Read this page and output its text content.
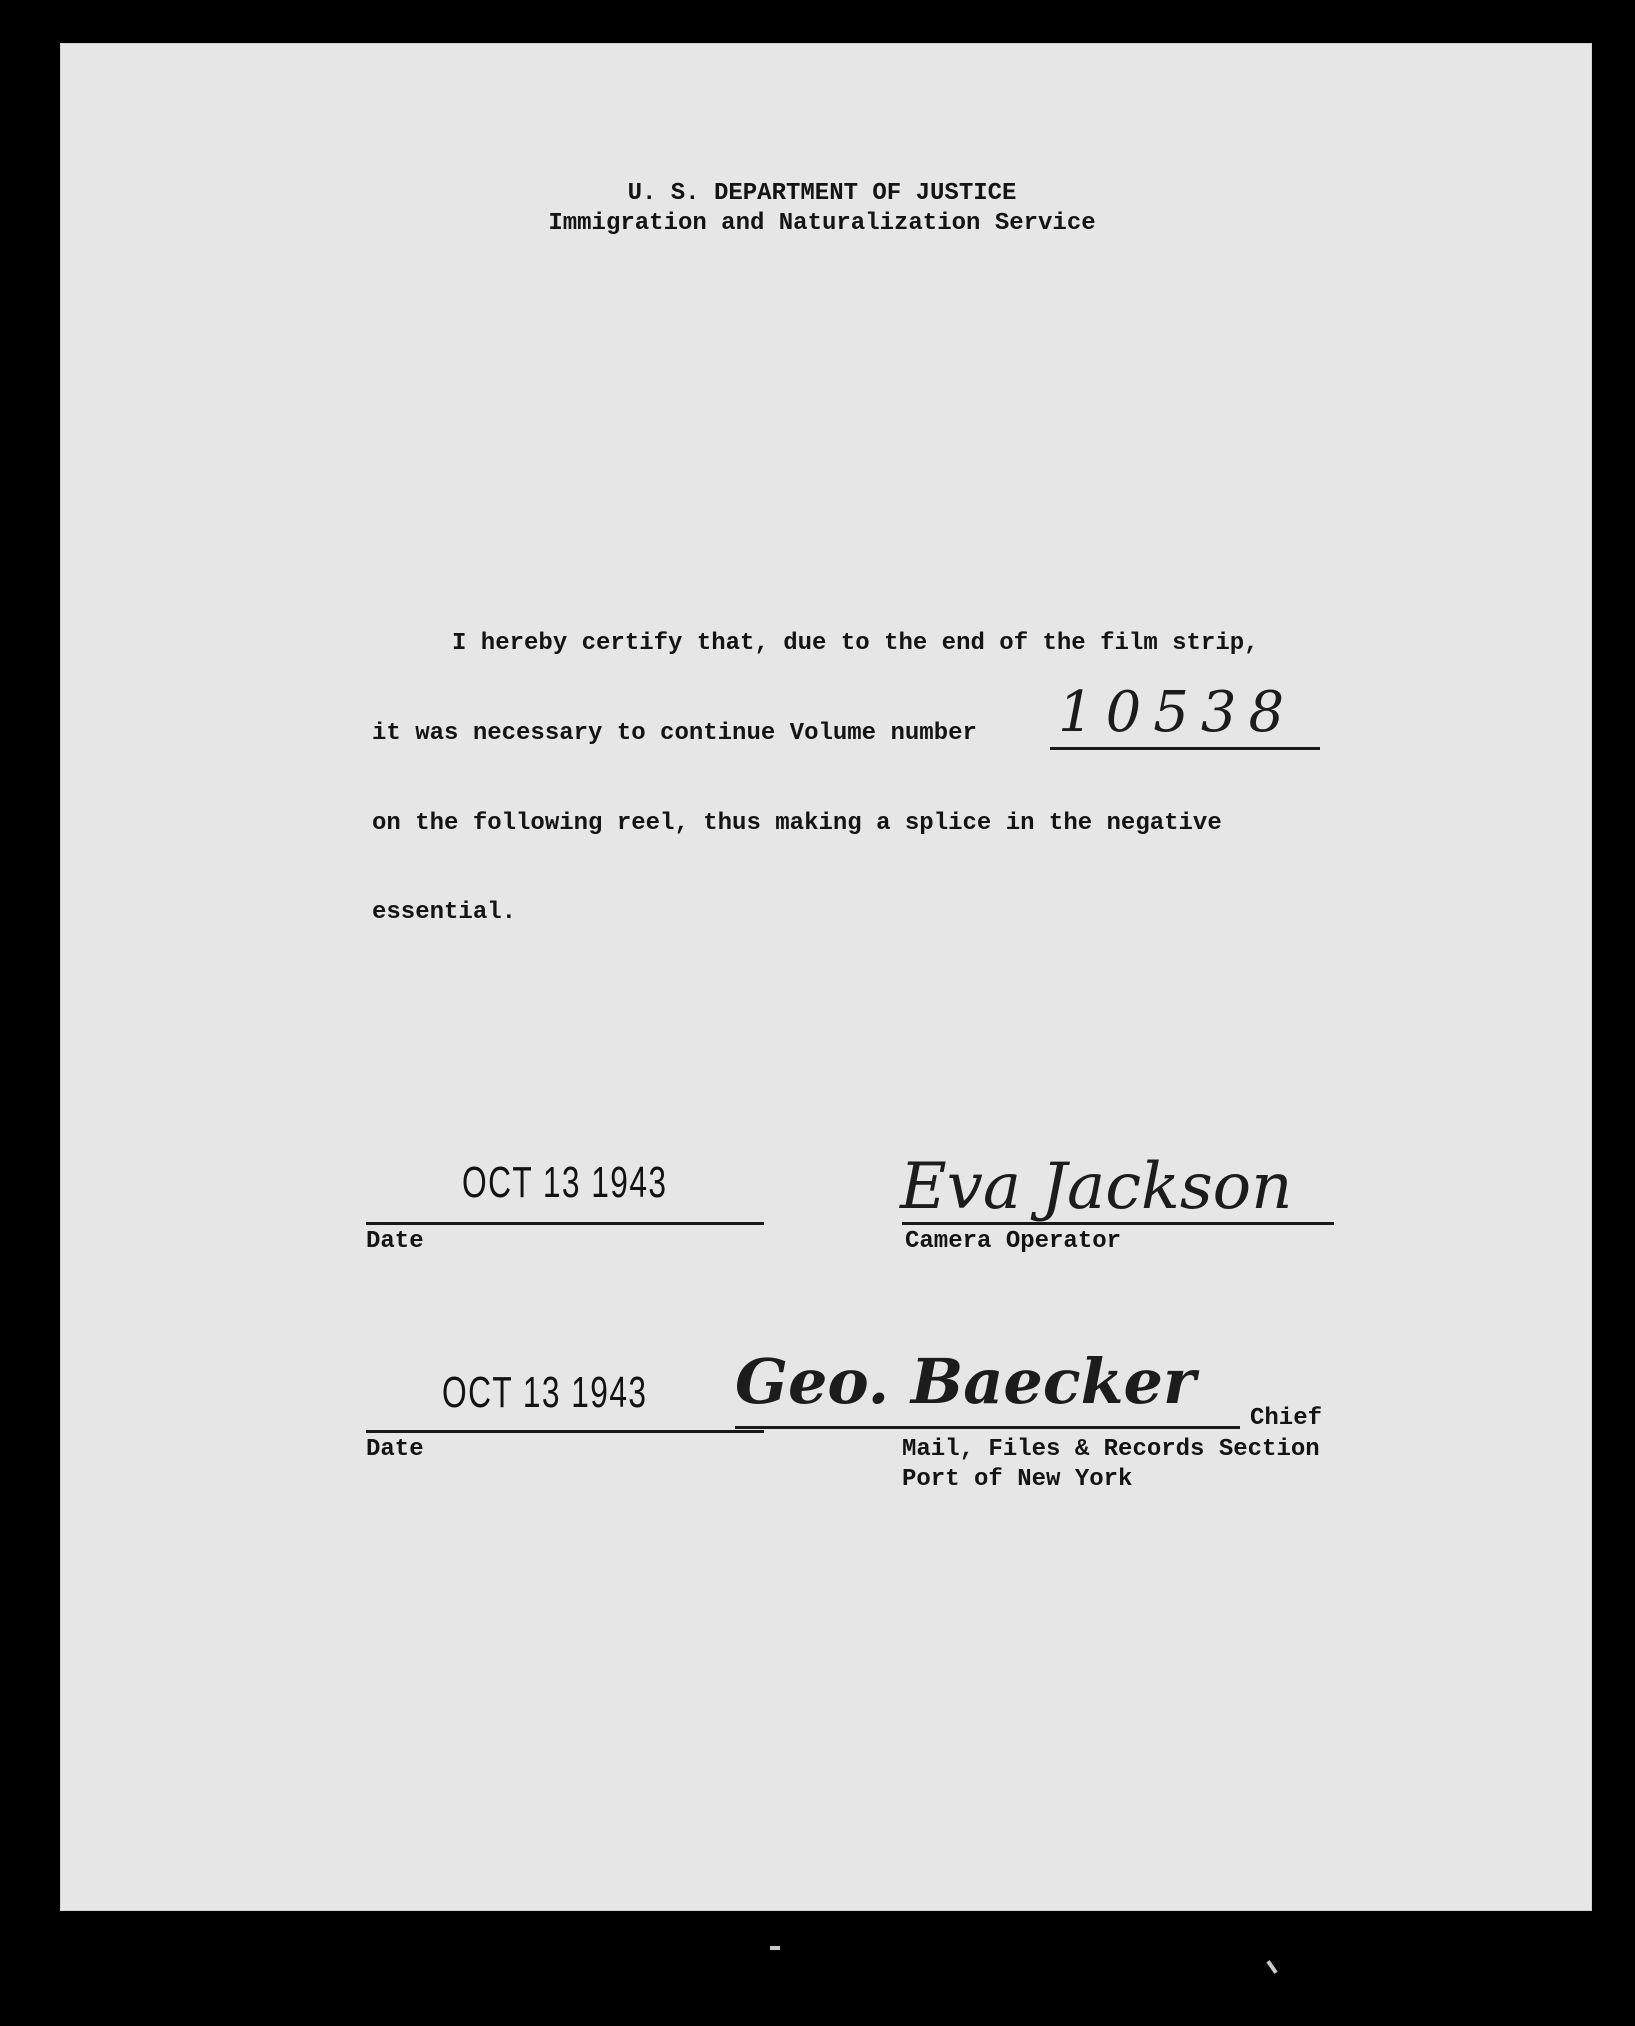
U. S. DEPARTMENT OF JUSTICE
Immigration and Naturalization Service
I hereby certify that, due to the end of the film strip,
it was necessary to continue Volume number 10538
on the following reel, thus making a splice in the negative
essential.
OCT 13 1943
Date
Eva Jackson
Camera Operator
OCT 13 1943
Date
Geo. Baecker
Chief
Mail, Files & Records Section
Port of New York
